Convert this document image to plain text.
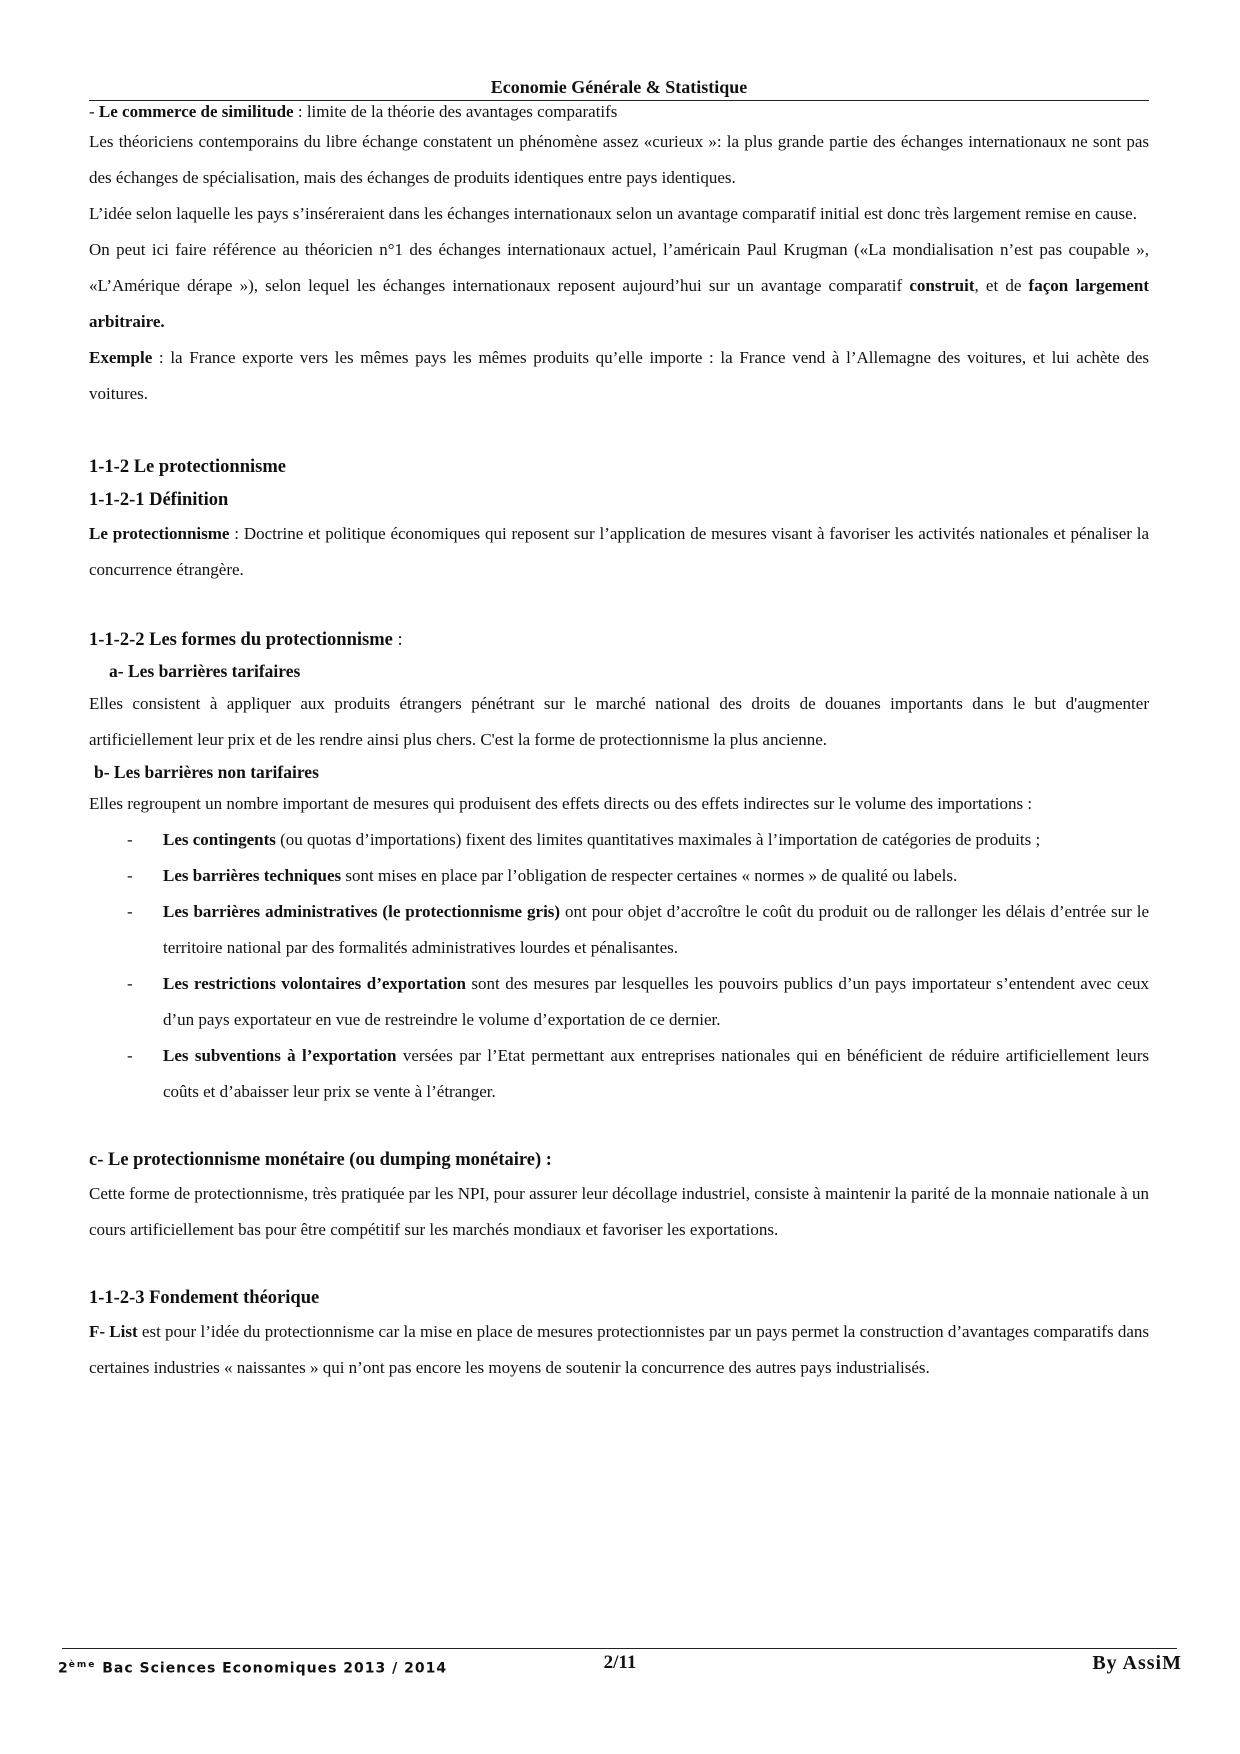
Economie Générale & Statistique

- Le commerce de similitude : limite de la théorie des avantages comparatifs

Les théoriciens contemporains du libre échange constatent un phénomène assez «curieux »: la plus grande partie des échanges internationaux ne sont pas des échanges de spécialisation, mais des échanges de produits identiques entre pays identiques.

L’idée selon laquelle les pays s’inséreraient dans les échanges internationaux selon un avantage comparatif initial est donc très largement remise en cause.

On peut ici faire référence au théoricien n°1 des échanges internationaux actuel, l’américain Paul Krugman («La mondialisation n’est pas coupable », «L’Amérique dérape »), selon lequel les échanges internationaux reposent aujourd’hui sur un avantage comparatif construit, et de façon largement arbitraire.

Exemple : la France exporte vers les mêmes pays les mêmes produits qu’elle importe : la France vend à l’Allemagne des voitures, et lui achète des voitures.

1-1-2 Le protectionnisme

1-1-2-1 Définition

Le protectionnisme : Doctrine et politique économiques qui reposent sur l’application de mesures visant à favoriser les activités nationales et pénaliser la concurrence étrangère.

1-1-2-2 Les formes du protectionnisme :

a- Les barrières tarifaires

Elles consistent à appliquer aux produits étrangers pénétrant sur le marché national des droits de douanes importants dans le but d'augmenter artificiellement leur prix et de les rendre ainsi plus chers. C'est la forme de protectionnisme la plus ancienne.

b- Les barrières non tarifaires

Elles regroupent un nombre important de mesures qui produisent des effets directs ou des effets indirectes sur le volume des importations :

- Les contingents (ou quotas d’importations) fixent des limites quantitatives maximales à l’importation de catégories de produits ;
- Les barrières techniques sont mises en place par l’obligation de respecter certaines « normes » de qualité ou labels.
- Les barrières administratives (le protectionnisme gris) ont pour objet d’accroître le coût du produit ou de rallonger les délais d’entrée sur le territoire national par des formalités administratives lourdes et pénalisantes.
- Les restrictions volontaires d’exportation sont des mesures par lesquelles les pouvoirs publics d’un pays importateur s’entendent avec ceux d’un pays exportateur en vue de restreindre le volume d’exportation de ce dernier.
- Les subventions à l’exportation versées par l’Etat permettant aux entreprises nationales qui en bénéficient de réduire artificiellement leurs coûts et d’abaisser leur prix se vente à l’étranger.

c- Le protectionnisme monétaire (ou dumping monétaire) :

Cette forme de protectionnisme, très pratiquée par les NPI, pour assurer leur décollage industriel, consiste à maintenir la parité de la monnaie nationale à un cours artificiellement bas pour être compétitif sur les marchés mondiaux et favoriser les exportations.

1-1-2-3 Fondement théorique

F- List est pour l’idée du protectionnisme car la mise en place de mesures protectionnistes par un pays permet la construction d’avantages comparatifs dans certaines industries « naissantes » qui n’ont pas encore les moyens de soutenir la concurrence des autres pays industrialisés.

2ème Bac Sciences Economiques 2013 / 2014	2/11	By AssiM
